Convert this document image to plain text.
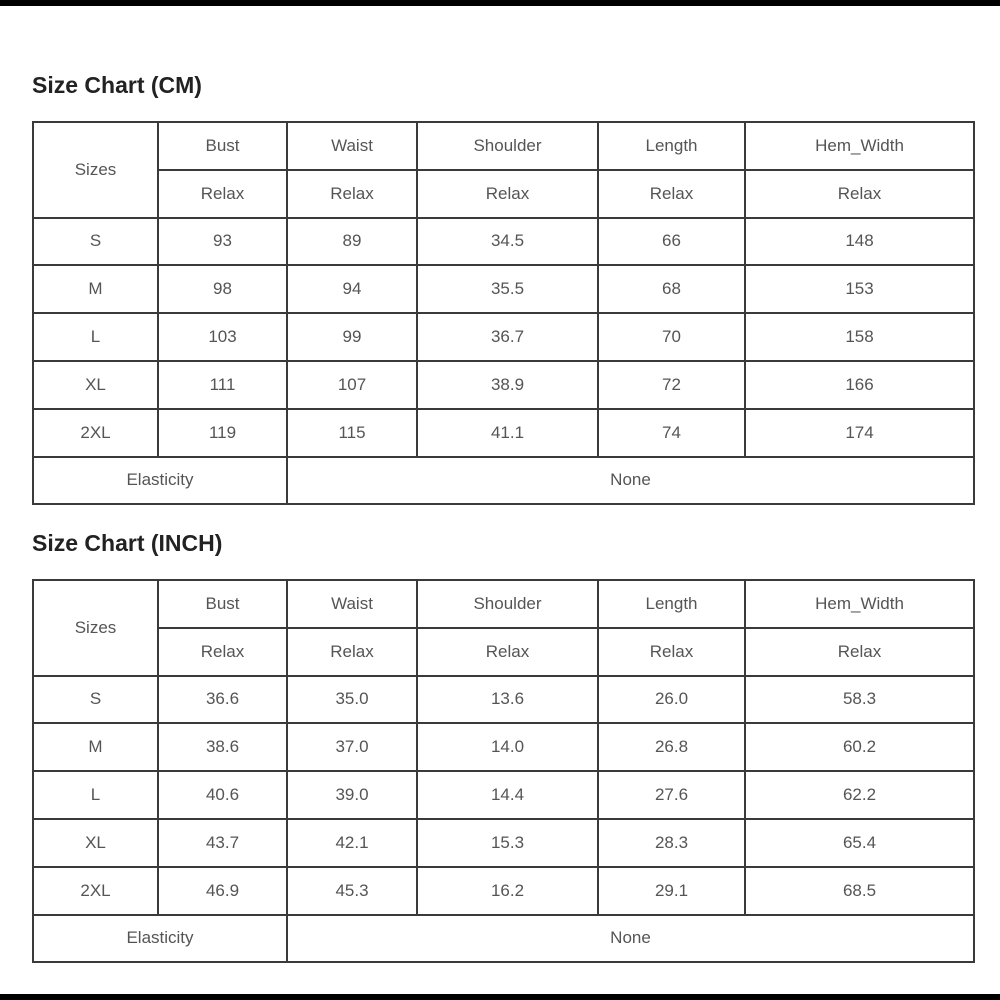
Size Chart (CM)
Sizes	Bust	Waist	Shoulder	Length	Hem_Width
	Relax	Relax	Relax	Relax	Relax
S	93	89	34.5	66	148
M	98	94	35.5	68	153
L	103	99	36.7	70	158
XL	111	107	38.9	72	166
2XL	119	115	41.1	74	174
Elasticity		None			
Size Chart (INCH)
Sizes	Bust	Waist	Shoulder	Length	Hem_Width
	Relax	Relax	Relax	Relax	Relax
S	36.6	35.0	13.6	26.0	58.3
M	38.6	37.0	14.0	26.8	60.2
L	40.6	39.0	14.4	27.6	62.2
XL	43.7	42.1	15.3	28.3	65.4
2XL	46.9	45.3	16.2	29.1	68.5
Elasticity		None			
